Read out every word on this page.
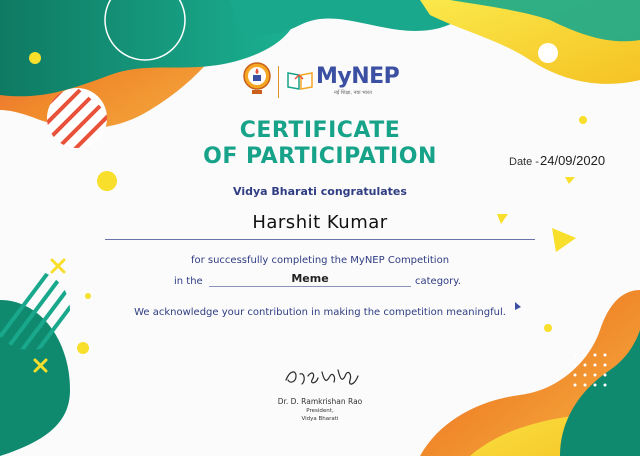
MyNEP
नई शिक्षा, नया भारत
CERTIFICATE
OF PARTICIPATION	Date - 24/09/2020
Vidya Bharati congratulates
Harshit Kumar
for successfully completing the MyNEP Competition
in the	Meme	category.
We acknowledge your contribution in making the competition meaningful.
Dr. D. Ramkrishan Rao
President,
Vidya Bharati
